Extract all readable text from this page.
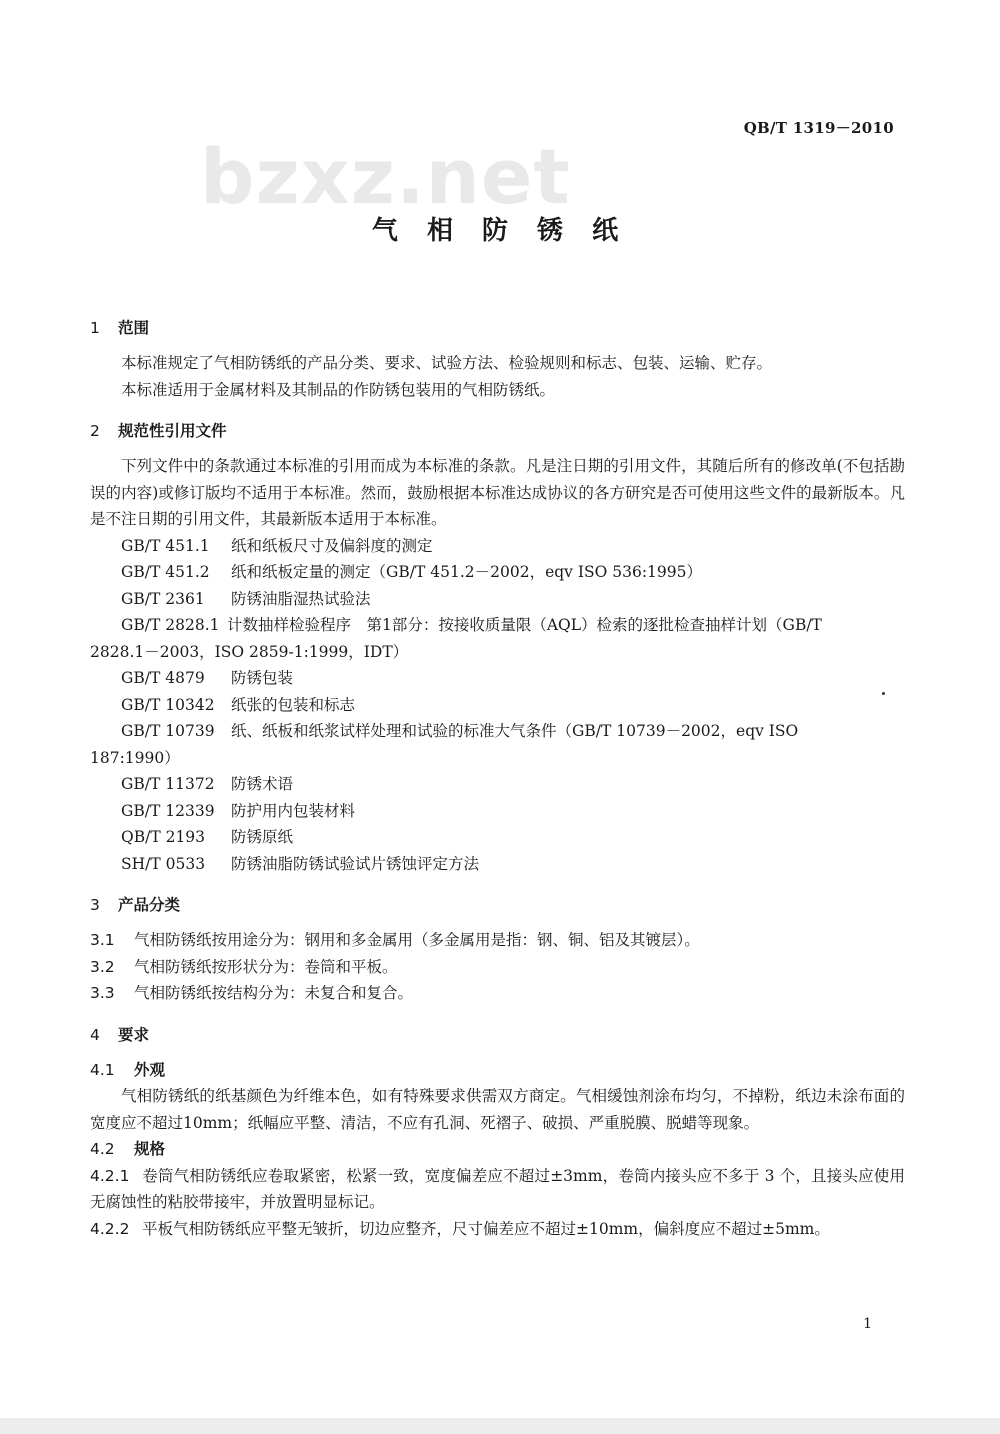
bzxz.net
QB/T 1319－2010
气 相 防 锈 纸
1 范围
本标准规定了气相防锈纸的产品分类、要求、试验方法、检验规则和标志、包装、运输、贮存。
本标准适用于金属材料及其制品的作防锈包装用的气相防锈纸。
2 规范性引用文件
下列文件中的条款通过本标准的引用而成为本标准的条款。凡是注日期的引用文件，其随后所有的修改单(不包括勘误的内容)或修订版均不适用于本标准。然而，鼓励根据本标准达成协议的各方研究是否可使用这些文件的最新版本。凡是不注日期的引用文件，其最新版本适用于本标准。
GB/T 451.1 纸和纸板尺寸及偏斜度的测定
GB/T 451.2 纸和纸板定量的测定（GB/T 451.2－2002，eqv ISO 536:1995）
GB/T 2361 防锈油脂湿热试验法
GB/T 2828.1 计数抽样检验程序　第1部分：按接收质量限（AQL）检索的逐批检查抽样计划（GB/T
2828.1－2003，ISO 2859-1:1999，IDT）
GB/T 4879 防锈包装
GB/T 10342 纸张的包装和标志
GB/T 10739 纸、纸板和纸浆试样处理和试验的标准大气条件（GB/T 10739－2002，eqv ISO
187:1990）
GB/T 11372 防锈术语
GB/T 12339 防护用内包装材料
QB/T 2193 防锈原纸
SH/T 0533 防锈油脂防锈试验试片锈蚀评定方法
3 产品分类
3.1 气相防锈纸按用途分为：钢用和多金属用（多金属用是指：钢、铜、铝及其镀层）。
3.2 气相防锈纸按形状分为：卷筒和平板。
3.3 气相防锈纸按结构分为：未复合和复合。
4 要求
4.1 外观
气相防锈纸的纸基颜色为纤维本色，如有特殊要求供需双方商定。气相缓蚀剂涂布均匀，不掉粉，纸边未涂布面的宽度应不超过10mm；纸幅应平整、清洁，不应有孔洞、死褶子、破损、严重脱膜、脱蜡等现象。
4.2 规格
4.2.1 卷筒气相防锈纸应卷取紧密，松紧一致，宽度偏差应不超过±3mm，卷筒内接头应不多于 3 个，且接头应使用无腐蚀性的粘胶带接牢，并放置明显标记。
4.2.2 平板气相防锈纸应平整无皱折，切边应整齐，尺寸偏差应不超过±10mm，偏斜度应不超过±5mm。
1
